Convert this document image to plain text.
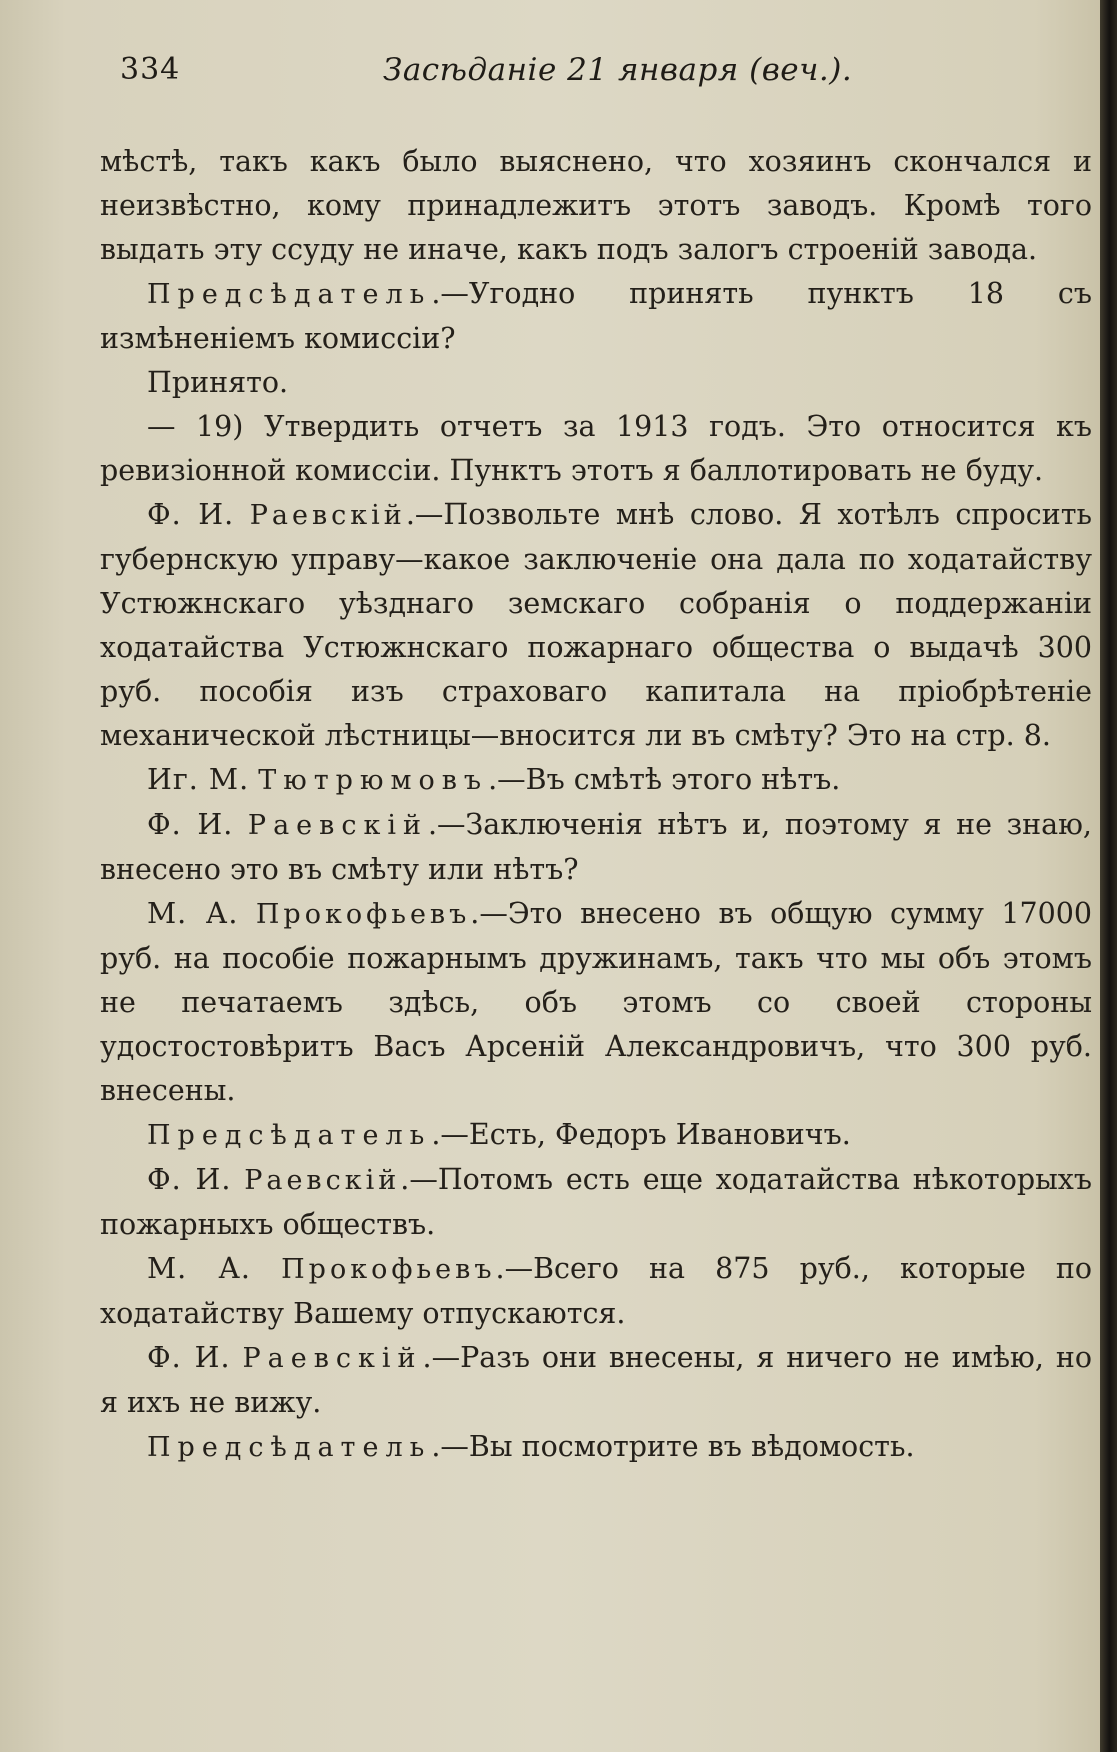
334	Засѣданіе 21 января (веч.).

мѣстѣ, такъ какъ было выяснено, что хозяинъ скончался и неизвѣстно, кому принадлежитъ этотъ заводъ. Кромѣ того выдать эту ссуду не иначе, какъ подъ залогъ строеній завода.

Предсѣдатель.—Угодно принять пунктъ 18 съ измѣненіемъ комиссіи?

Принято.

— 19) Утвердить отчетъ за 1913 годъ. Это относится къ ревизіонной комиссіи. Пунктъ этотъ я баллотировать не буду.

Ф. И. Раевскій.—Позвольте мнѣ слово. Я хотѣлъ спросить губернскую управу—какое заключеніе она дала по ходатайству Устюжнскаго уѣзднаго земскаго собранія о поддержаніи ходатайства Устюжнскаго пожарнаго общества о выдачѣ 300 руб. пособія изъ страховаго капитала на пріобрѣтеніе механической лѣстницы—вносится ли въ смѣту? Это на стр. 8.

Иг. М. Тютрюмовъ.—Въ смѣтѣ этого нѣтъ.

Ф. И. Раевскій.—Заключенія нѣтъ и, поэтому я не знаю, внесено это въ смѣту или нѣтъ?

М. А. Прокофьевъ.—Это внесено въ общую сумму 17000 руб. на пособіе пожарнымъ дружинамъ, такъ что мы объ этомъ не печатаемъ здѣсь, объ этомъ со своей стороны удостостовѣритъ Васъ Арсеній Александровичъ, что 300 руб. внесены.

Предсѣдатель.—Есть, Федоръ Ивановичъ.

Ф. И. Раевскій.—Потомъ есть еще ходатайства нѣкоторыхъ пожарныхъ обществъ.

М. А. Прокофьевъ.—Всего на 875 руб., которые по ходатайству Вашему отпускаются.

Ф. И. Раевскій.—Разъ они внесены, я ничего не имѣю, но я ихъ не вижу.

Предсѣдатель.—Вы посмотрите въ вѣдомость.
